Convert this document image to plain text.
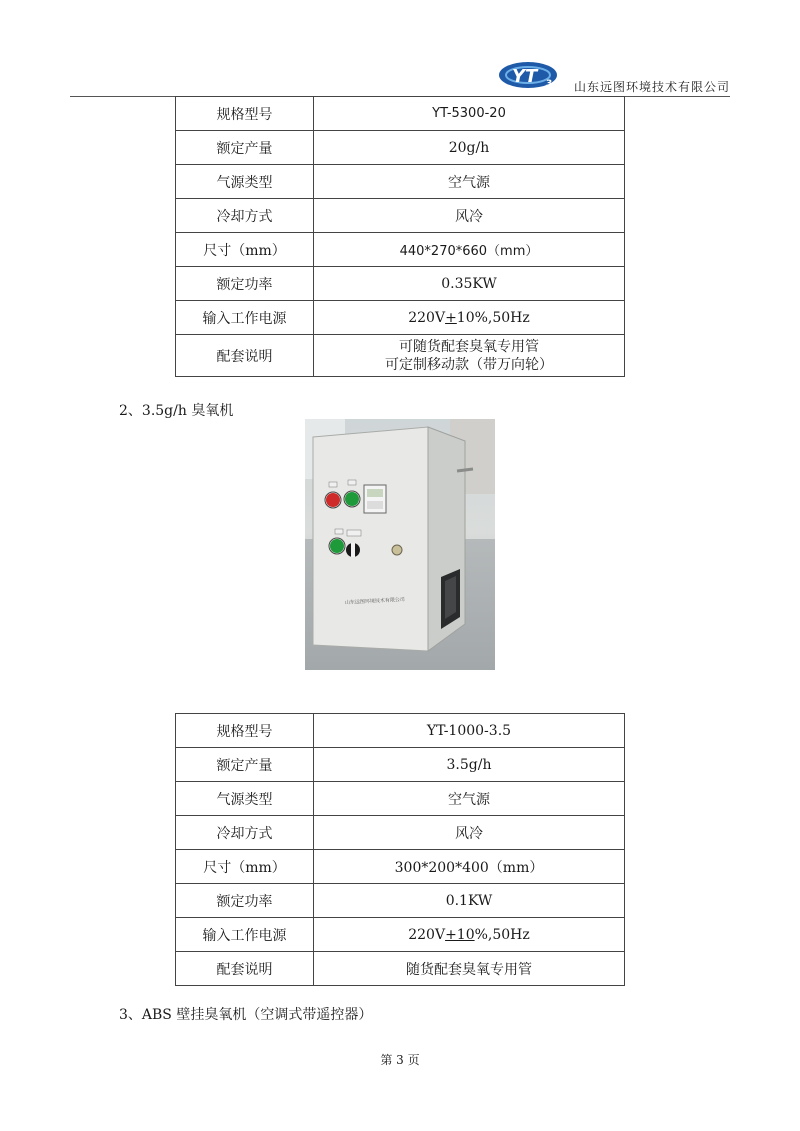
YT 3 山东远图环境技术有限公司
规格型号	YT-5300-20
额定产量	20g/h
气源类型	空气源
冷却方式	风冷
尺寸（mm）	440*270*660（mm）
额定功率	0.35KW
输入工作电源	220V+10%,50Hz
配套说明	可随货配套臭氧专用管
可定制移动款（带万向轮）
2、3.5g/h 臭氧机
山东远图环境技术有限公司
规格型号	YT-1000-3.5
额定产量	3.5g/h
气源类型	空气源
冷却方式	风冷
尺寸（mm）	300*200*400（mm）
额定功率	0.1KW
输入工作电源	220V+10%,50Hz
配套说明	随货配套臭氧专用管
3、ABS 壁挂臭氧机（空调式带遥控器）
第 3 页
